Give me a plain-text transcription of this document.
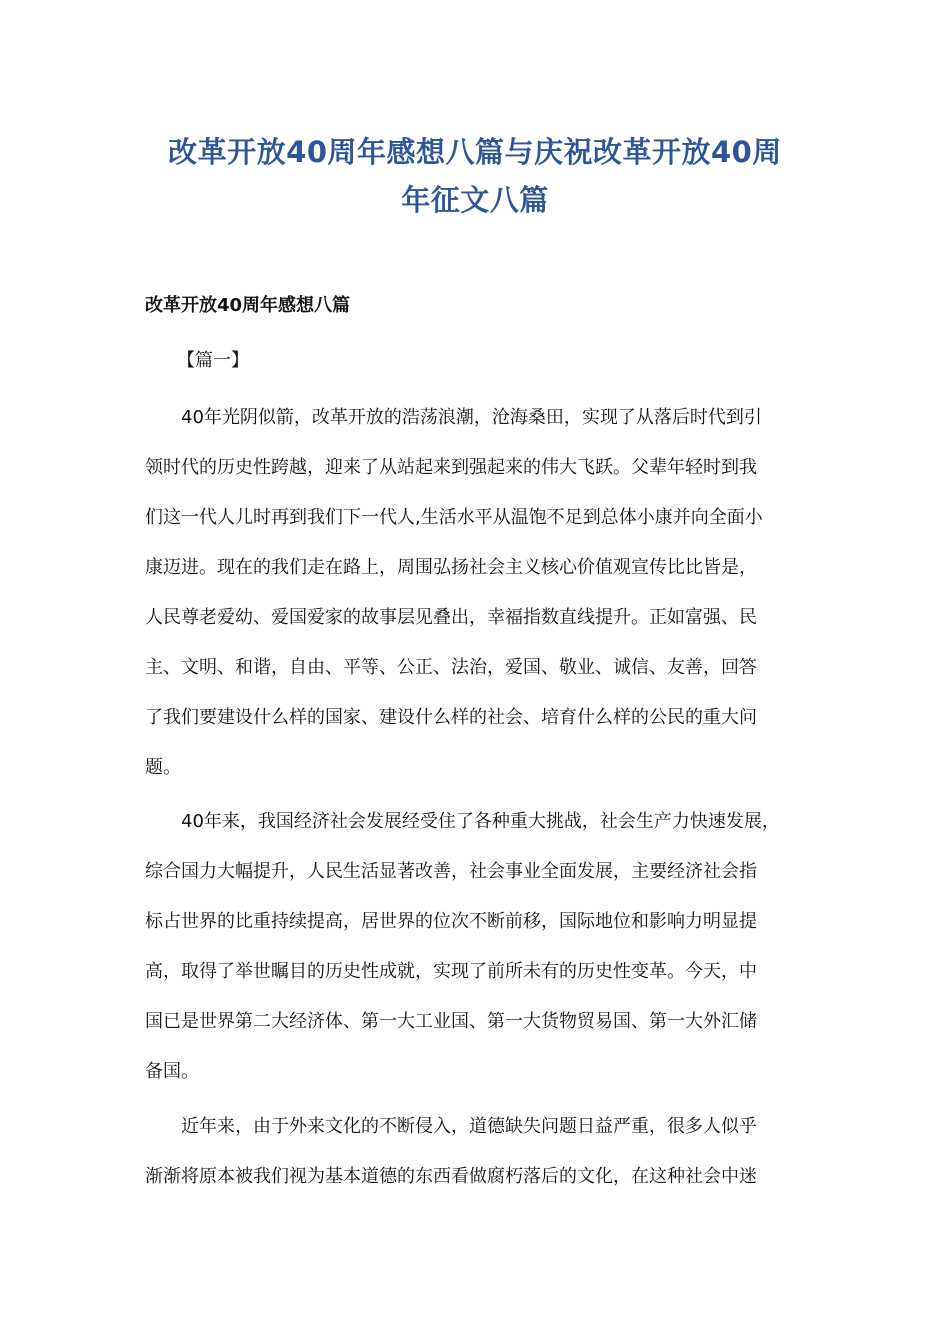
改革开放40周年感想八篇与庆祝改革开放40周
年征文八篇
改革开放40周年感想八篇

【篇一】

40年光阴似箭，改革开放的浩荡浪潮，沧海桑田，实现了从落后时代到引
领时代的历史性跨越，迎来了从站起来到强起来的伟大飞跃。父辈年轻时到我
们这一代人儿时再到我们下一代人,生活水平从温饱不足到总体小康并向全面小
康迈进。现在的我们走在路上，周围弘扬社会主义核心价值观宣传比比皆是，
人民尊老爱幼、爱国爱家的故事层见叠出，幸福指数直线提升。正如富强、民
主、文明、和谐，自由、平等、公正、法治，爱国、敬业、诚信、友善，回答
了我们要建设什么样的国家、建设什么样的社会、培育什么样的公民的重大问
题。
40年来，我国经济社会发展经受住了各种重大挑战，社会生产力快速发展，
综合国力大幅提升，人民生活显著改善，社会事业全面发展，主要经济社会指
标占世界的比重持续提高，居世界的位次不断前移，国际地位和影响力明显提
高，取得了举世瞩目的历史性成就，实现了前所未有的历史性变革。今天，中
国已是世界第二大经济体、第一大工业国、第一大货物贸易国、第一大外汇储
备国。
近年来，由于外来文化的不断侵入，道德缺失问题日益严重，很多人似乎
渐渐将原本被我们视为基本道德的东西看做腐朽落后的文化，在这种社会中迷
